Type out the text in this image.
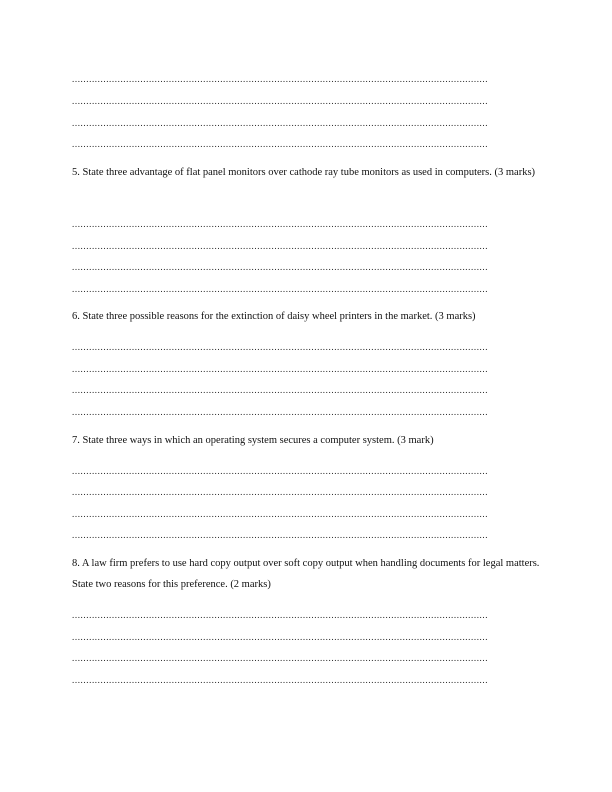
..................................................................................................................................................
..................................................................................................................................................
..................................................................................................................................................
..................................................................................................................................................
5. State three advantage of flat panel monitors over cathode ray tube monitors as used in computers. (3 marks)
..................................................................................................................................................
..................................................................................................................................................
..................................................................................................................................................
..................................................................................................................................................
6. State three possible reasons for the extinction of daisy wheel printers in the market. (3 marks)
..................................................................................................................................................
..................................................................................................................................................
..................................................................................................................................................
..................................................................................................................................................
7. State three ways in which an operating system secures a computer system. (3 mark)
..................................................................................................................................................
..................................................................................................................................................
..................................................................................................................................................
..................................................................................................................................................
8. A law firm prefers to use hard copy output over soft copy output when handling documents for legal matters. State two reasons for this preference. (2 marks)
..................................................................................................................................................
..................................................................................................................................................
..................................................................................................................................................
..................................................................................................................................................
